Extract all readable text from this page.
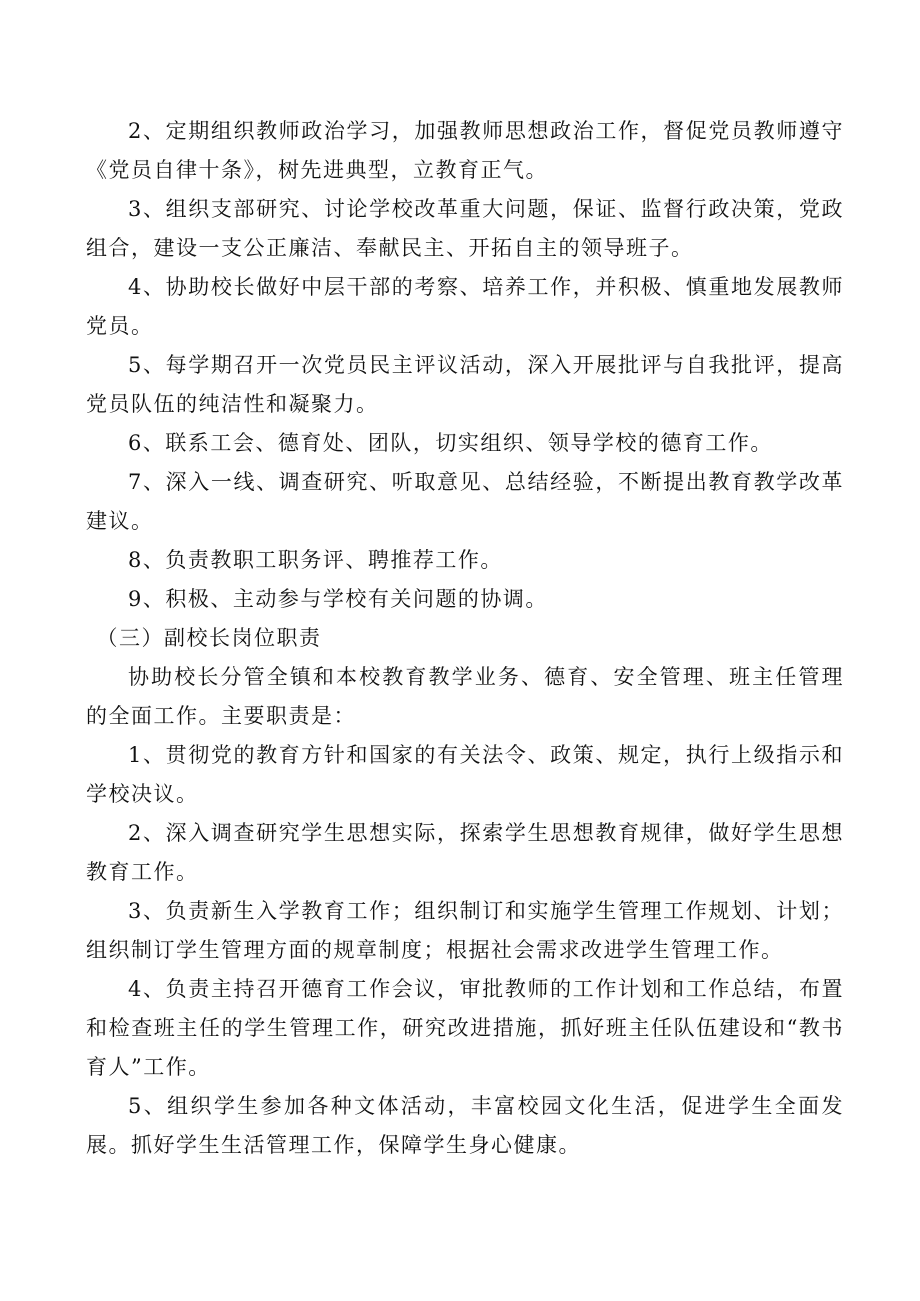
2、定期组织教师政治学习，加强教师思想政治工作，督促党员教师遵守《党员自律十条》，树先进典型，立教育正气。

3、组织支部研究、讨论学校改革重大问题，保证、监督行政决策，党政组合，建设一支公正廉洁、奉献民主、开拓自主的领导班子。

4、协助校长做好中层干部的考察、培养工作，并积极、慎重地发展教师党员。

5、每学期召开一次党员民主评议活动，深入开展批评与自我批评，提高党员队伍的纯洁性和凝聚力。

6、联系工会、德育处、团队，切实组织、领导学校的德育工作。

7、深入一线、调查研究、听取意见、总结经验，不断提出教育教学改革建议。

8、负责教职工职务评、聘推荐工作。

9、积极、主动参与学校有关问题的协调。

（三）副校长岗位职责

协助校长分管全镇和本校教育教学业务、德育、安全管理、班主任管理的全面工作。主要职责是：

1、贯彻党的教育方针和国家的有关法令、政策、规定，执行上级指示和学校决议。

2、深入调查研究学生思想实际，探索学生思想教育规律，做好学生思想教育工作。

3、负责新生入学教育工作；组织制订和实施学生管理工作规划、计划；组织制订学生管理方面的规章制度；根据社会需求改进学生管理工作。

4、负责主持召开德育工作会议，审批教师的工作计划和工作总结，布置和检查班主任的学生管理工作，研究改进措施，抓好班主任队伍建设和“教书育人”工作。

5、组织学生参加各种文体活动，丰富校园文化生活，促进学生全面发展。抓好学生生活管理工作，保障学生身心健康。
